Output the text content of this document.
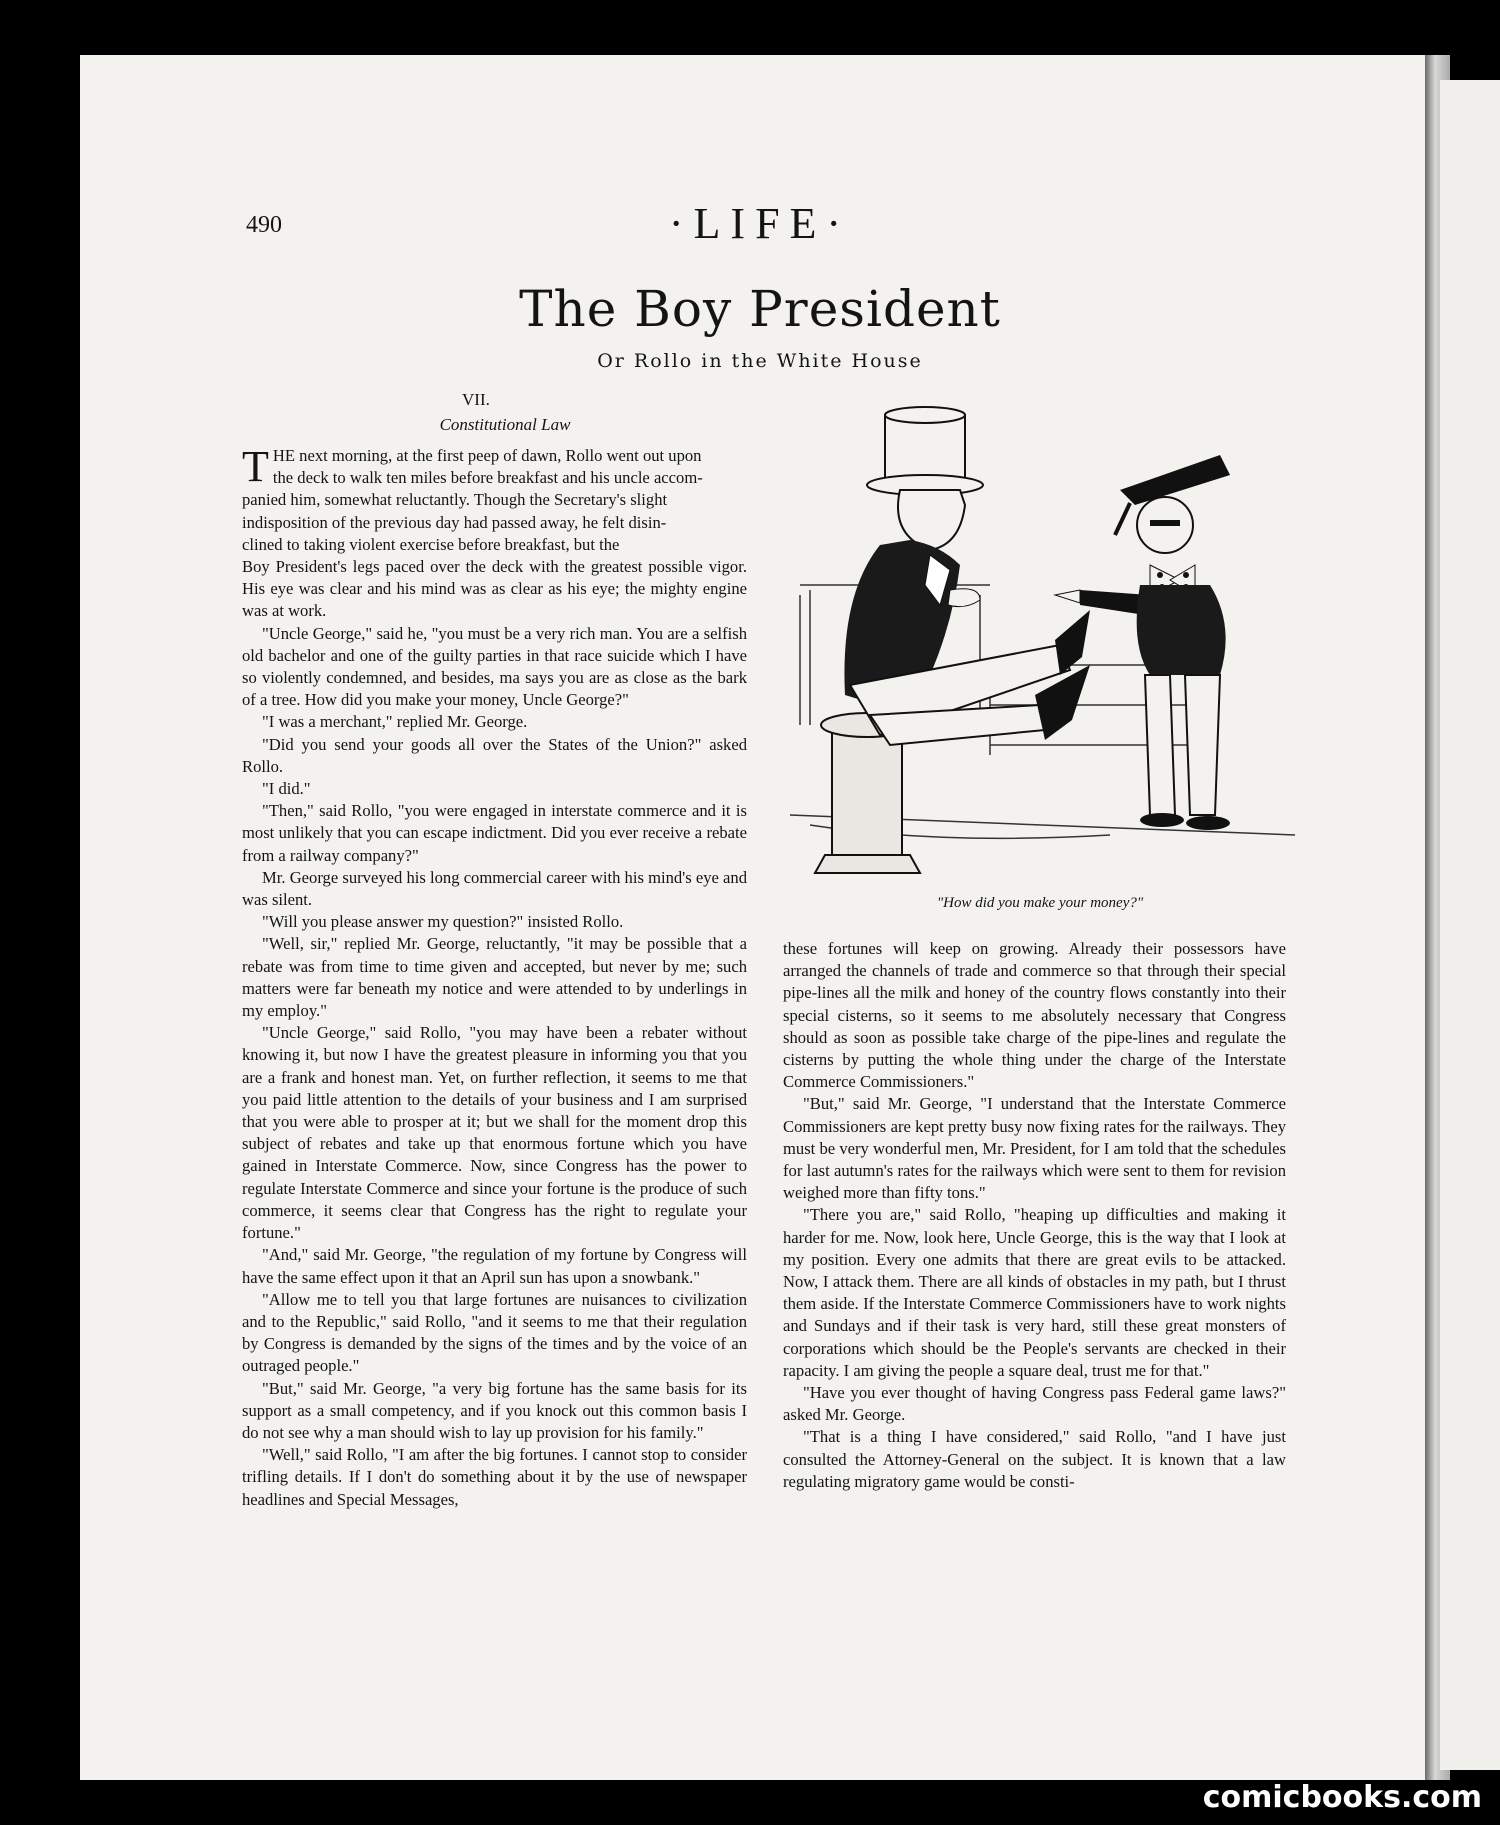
490	·LIFE·
The Boy President
Or Rollo in the White House
VII.
Constitutional Law
T HE next morning, at the first peep of dawn, Rollo went out upon
the deck to walk ten miles before breakfast and his uncle accom-
panied him, somewhat reluctantly. Though the Secretary's slight
indisposition of the previous day had passed away, he felt disin-
clined to taking violent exercise before breakfast, but the

Boy President's legs paced over the deck with the greatest possible vigor. His eye was clear and his mind was as clear as his eye; the mighty engine was at work.

"Uncle George," said he, "you must be a very rich man. You are a selfish old bachelor and one of the guilty parties in that race suicide which I have so violently condemned, and besides, ma says you are as close as the bark of a tree. How did you make your money, Uncle George?"

"I was a merchant," replied Mr. George.

"Did you send your goods all over the States of the Union?" asked Rollo.

"I did."

"Then," said Rollo, "you were engaged in interstate commerce and it is most unlikely that you can escape indictment. Did you ever receive a rebate from a railway company?"

Mr. George surveyed his long commercial career with his mind's eye and was silent.

"Will you please answer my question?" insisted Rollo.

"Well, sir," replied Mr. George, reluctantly, "it may be possible that a rebate was from time to time given and accepted, but never by me; such matters were far beneath my notice and were attended to by underlings in my employ."

"Uncle George," said Rollo, "you may have been a rebater without knowing it, but now I have the greatest pleasure in informing you that you are a frank and honest man. Yet, on further reflection, it seems to me that you paid little attention to the details of your business and I am surprised that you were able to prosper at it; but we shall for the moment drop this subject of rebates and take up that enormous fortune which you have gained in Interstate Commerce. Now, since Congress has the power to regulate Interstate Commerce and since your fortune is the produce of such commerce, it seems clear that Congress has the right to regulate your fortune."

"And," said Mr. George, "the regulation of my fortune by Congress will have the same effect upon it that an April sun has upon a snowbank."

"Allow me to tell you that large fortunes are nuisances to civilization and to the Republic," said Rollo, "and it seems to me that their regulation by Congress is demanded by the signs of the times and by the voice of an outraged people."

"But," said Mr. George, "a very big fortune has the same basis for its support as a small competency, and if you knock out this common basis I do not see why a man should wish to lay up provision for his family."

"Well," said Rollo, "I am after the big fortunes. I cannot stop to consider trifling details. If I don't do something about it by the use of newspaper headlines and Special Messages,

"How did you make your money?"

these fortunes will keep on growing. Already their possessors have arranged the channels of trade and commerce so that through their special pipe-lines all the milk and honey of the country flows constantly into their special cisterns, so it seems to me absolutely necessary that Congress should as soon as possible take charge of the pipe-lines and regulate the cisterns by putting the whole thing under the charge of the Interstate Commerce Commissioners."

"But," said Mr. George, "I understand that the Interstate Commerce Commissioners are kept pretty busy now fixing rates for the railways. They must be very wonderful men, Mr. President, for I am told that the schedules for last autumn's rates for the railways which were sent to them for revision weighed more than fifty tons."

"There you are," said Rollo, "heaping up difficulties and making it harder for me. Now, look here, Uncle George, this is the way that I look at my position. Every one admits that there are great evils to be attacked. Now, I attack them. There are all kinds of obstacles in my path, but I thrust them aside. If the Interstate Commerce Commissioners have to work nights and Sundays and if their task is very hard, still these great monsters of corporations which should be the People's servants are checked in their rapacity. I am giving the people a square deal, trust me for that."

"Have you ever thought of having Congress pass Federal game laws?" asked Mr. George.

"That is a thing I have considered," said Rollo, "and I have just consulted the Attorney-General on the subject. It is known that a law regulating migratory game would be consti-

comicbooks.com
